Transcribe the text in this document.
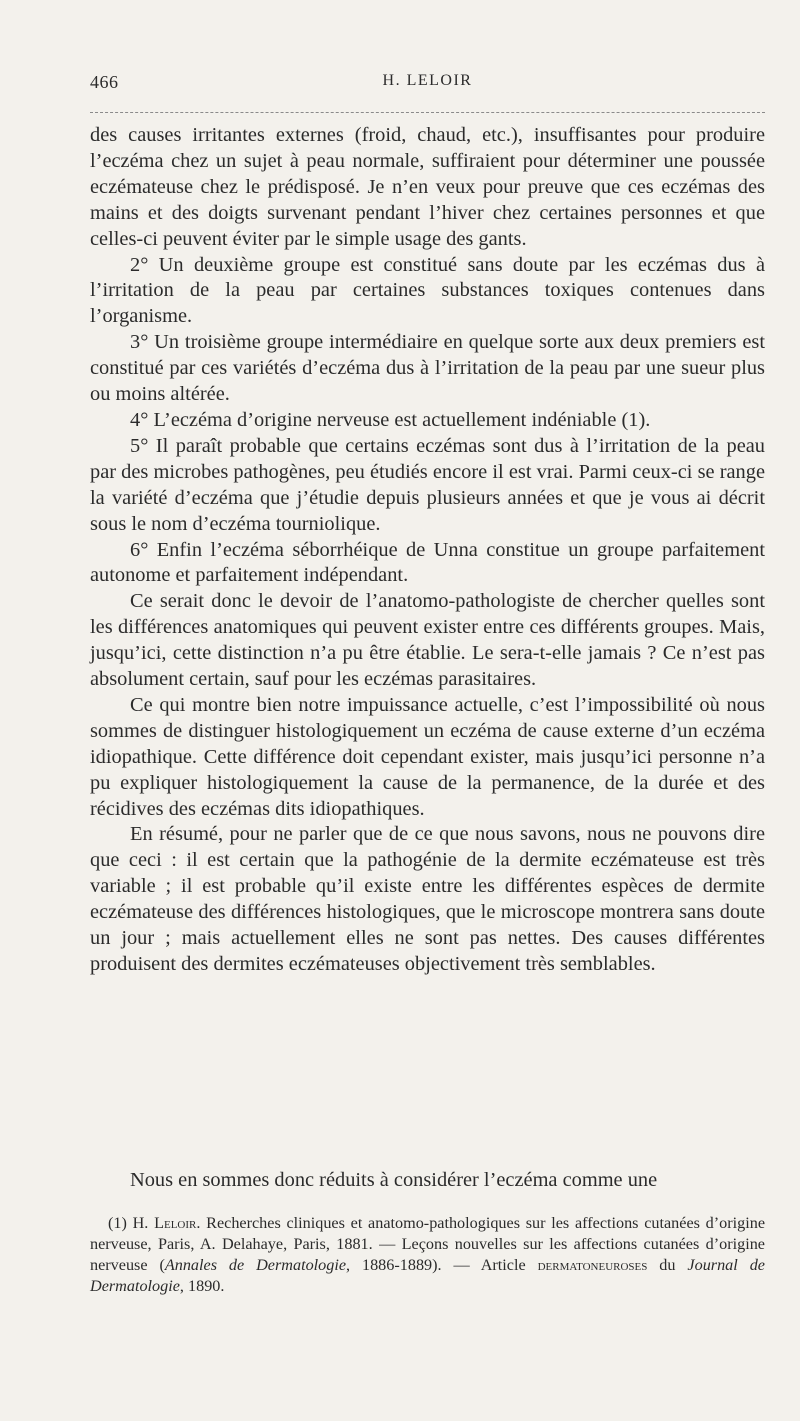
466	H. LELOIR

des causes irritantes externes (froid, chaud, etc.), insuffisantes pour produire l’eczéma chez un sujet à peau normale, suffiraient pour déterminer une poussée eczémateuse chez le prédisposé. Je n’en veux pour preuve que ces eczémas des mains et des doigts survenant pendant l’hiver chez certaines personnes et que celles-ci peuvent éviter par le simple usage des gants.

2° Un deuxième groupe est constitué sans doute par les eczémas dus à l’irritation de la peau par certaines substances toxiques contenues dans l’organisme.

3° Un troisième groupe intermédiaire en quelque sorte aux deux premiers est constitué par ces variétés d’eczéma dus à l’irritation de la peau par une sueur plus ou moins altérée.

4° L’eczéma d’origine nerveuse est actuellement indéniable (1).

5° Il paraît probable que certains eczémas sont dus à l’irritation de la peau par des microbes pathogènes, peu étudiés encore il est vrai. Parmi ceux-ci se range la variété d’eczéma que j’étudie depuis plusieurs années et que je vous ai décrit sous le nom d’eczéma tourniolique.

6° Enfin l’eczéma séborrhéique de Unna constitue un groupe parfaitement autonome et parfaitement indépendant.

Ce serait donc le devoir de l’anatomo-pathologiste de chercher quelles sont les différences anatomiques qui peuvent exister entre ces différents groupes. Mais, jusqu’ici, cette distinction n’a pu être établie. Le sera-t-elle jamais ? Ce n’est pas absolument certain, sauf pour les eczémas parasitaires.

Ce qui montre bien notre impuissance actuelle, c’est l’impossibilité où nous sommes de distinguer histologiquement un eczéma de cause externe d’un eczéma idiopathique. Cette différence doit cependant exister, mais jusqu’ici personne n’a pu expliquer histologiquement la cause de la permanence, de la durée et des récidives des eczémas dits idiopathiques.

En résumé, pour ne parler que de ce que nous savons, nous ne pouvons dire que ceci : il est certain que la pathogénie de la dermite eczémateuse est très variable ; il est probable qu’il existe entre les différentes espèces de dermite eczémateuse des différences histologiques, que le microscope montrera sans doute un jour ; mais actuellement elles ne sont pas nettes. Des causes différentes produisent des dermites eczémateuses objectivement très semblables.

Nous en sommes donc réduits à considérer l’eczéma comme une

(1) H. Leloir. Recherches cliniques et anatomo-pathologiques sur les affections cutanées d’origine nerveuse, Paris, A. Delahaye, Paris, 1881. — Leçons nouvelles sur les affections cutanées d’origine nerveuse (Annales de Dermatologie, 1886-1889). — Article dermatoneuroses du Journal de Dermatologie, 1890.
